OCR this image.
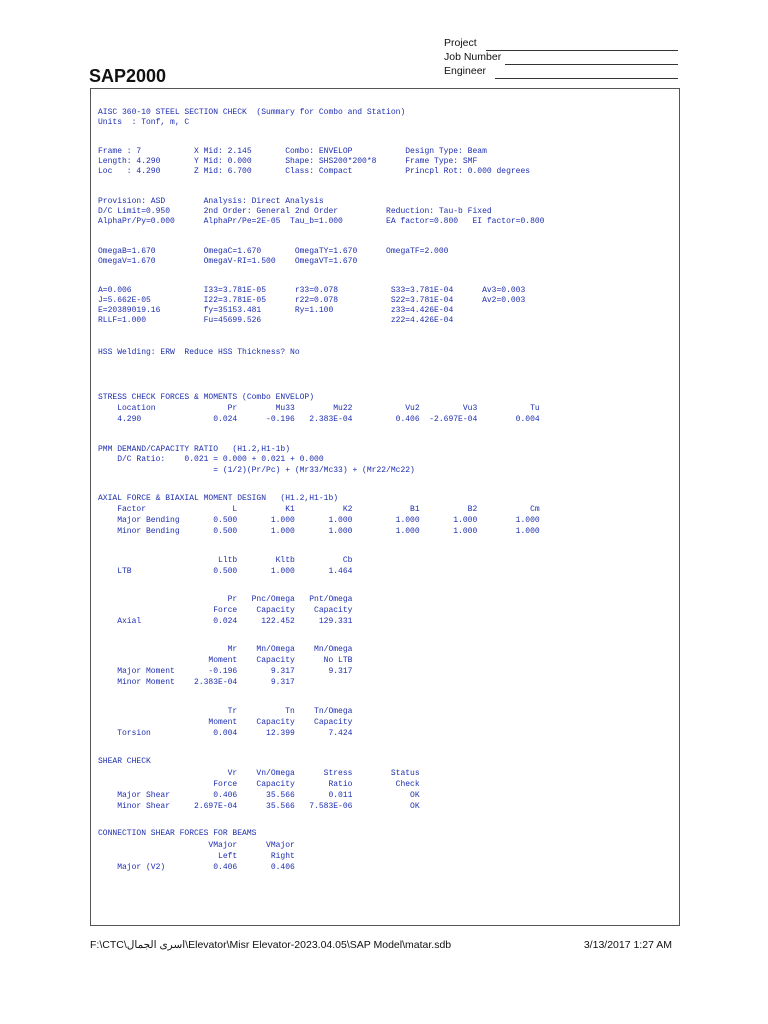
Project
Job Number
Engineer
SAP2000
AISC 360-10 STEEL SECTION CHECK  (Summary for Combo and Station)
Units  : Tonf, m, C
Frame : 7           X Mid: 2.145       Combo: ENVELOP           Design Type: Beam
Length: 4.290       Y Mid: 0.000       Shape: SHS200*200*8      Frame Type: SMF
Loc   : 4.290       Z Mid: 6.700       Class: Compact           Princpl Rot: 0.000 degrees
Provision: ASD        Analysis: Direct Analysis
D/C Limit=0.950       2nd Order: General 2nd Order          Reduction: Tau-b Fixed
AlphaPr/Py=0.000      AlphaPr/Pe=2E-05  Tau_b=1.000         EA factor=0.800   EI factor=0.800
OmegaB=1.670          OmegaC=1.670       OmegaTY=1.670      OmegaTF=2.000
OmegaV=1.670          OmegaV-RI=1.500    OmegaVT=1.670
A=0.006               I33=3.781E-05      r33=0.078           S33=3.781E-04      Av3=0.003
J=5.662E-05           I22=3.781E-05      r22=0.078           S22=3.781E-04      Av2=0.003
E=20389019.16         fy=35153.481       Ry=1.100            z33=4.426E-04
RLLF=1.000            Fu=45699.526                           z22=4.426E-04
HSS Welding: ERW  Reduce HSS Thickness? No
STRESS CHECK FORCES & MOMENTS (Combo ENVELOP)
Location               Pr        Mu33        Mu22           Vu2         Vu3           Tu
4.290               0.024      -0.196   2.383E-04         0.406  -2.697E-04        0.004
PMM DEMAND/CAPACITY RATIO   (H1.2,H1-1b)
D/C Ratio:    0.021 = 0.000 + 0.021 + 0.000
= (1/2)(Pr/Pc) + (Mr33/Mc33) + (Mr22/Mc22)
AXIAL FORCE & BIAXIAL MOMENT DESIGN   (H1.2,H1-1b)
Factor                  L          K1          K2            B1          B2           Cm
Major Bending       0.500       1.000       1.000         1.000       1.000        1.000
Minor Bending       0.500       1.000       1.000         1.000       1.000        1.000
Lltb        Kltb          Cb
LTB                 0.500       1.000       1.464
Pr   Pnc/Omega   Pnt/Omega
Force    Capacity    Capacity
Axial               0.024     122.452     129.331
Mr    Mn/Omega    Mn/Omega
Moment    Capacity      No LTB
Major Moment       -0.196       9.317       9.317
Minor Moment    2.383E-04       9.317
Tr          Tn    Tn/Omega
Moment    Capacity    Capacity
Torsion             0.004      12.399       7.424
SHEAR CHECK
Vr    Vn/Omega      Stress        Status
Force    Capacity       Ratio         Check
Major Shear         0.406      35.566       0.011            OK
Minor Shear     2.697E-04      35.566   7.583E-06            OK
CONNECTION SHEAR FORCES FOR BEAMS
VMajor      VMajor
Left       Right
Major (V2)          0.406       0.406
F:\CTC\اسرى الجمال\Elevator\Misr Elevator-2023.04.05\SAP Model\matar.sdb	3/13/2017 1:27 AM
